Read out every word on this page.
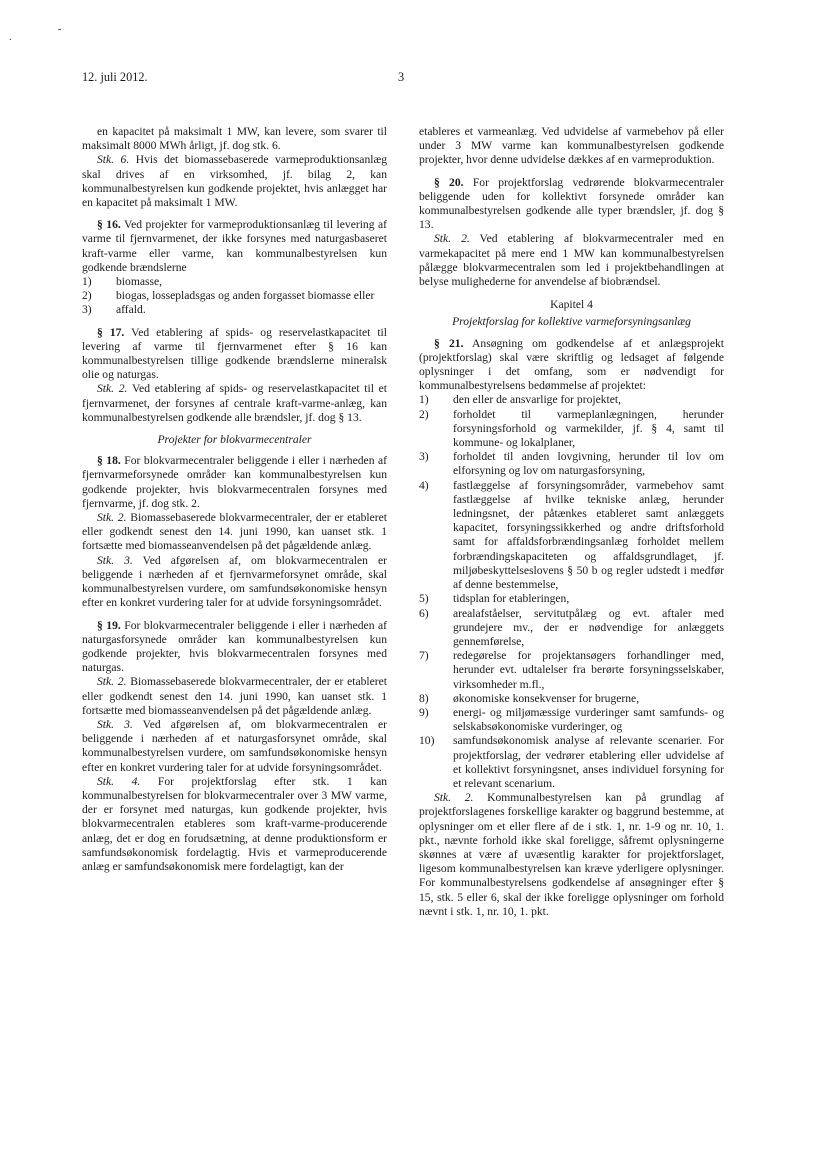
.
-
12. juli 2012.	3

en kapacitet på maksimalt 1 MW, kan levere, som svarer til maksimalt 8000 MWh årligt, jf. dog stk. 6.

Stk. 6. Hvis det biomassebaserede varmeproduktionsanlæg skal drives af en virksomhed, jf. bilag 2, kan kommunalbestyrelsen kun godkende projektet, hvis anlægget har en kapacitet på maksimalt 1 MW.

§ 16. Ved projekter for varmeproduktionsanlæg til levering af varme til fjernvarmenet, der ikke forsynes med naturgasbaseret kraft-varme eller varme, kan kommunalbestyrelsen kun godkende brændslerne

1)	biomasse,
2)	biogas, lossepladsgas og anden forgasset biomasse eller
3)	affald.

§ 17. Ved etablering af spids- og reservelastkapacitet til levering af varme til fjernvarmenet efter § 16 kan kommunalbestyrelsen tillige godkende brændslerne mineralsk olie og naturgas.

Stk. 2. Ved etablering af spids- og reservelastkapacitet til et fjernvarmenet, der forsynes af centrale kraft-varme-anlæg, kan kommunalbestyrelsen godkende alle brændsler, jf. dog § 13.

Projekter for blokvarmecentraler

§ 18. For blokvarmecentraler beliggende i eller i nærheden af fjernvarmeforsynede områder kan kommunalbestyrelsen kun godkende projekter, hvis blokvarmecentralen forsynes med fjernvarme, jf. dog stk. 2.

Stk. 2. Biomassebaserede blokvarmecentraler, der er etableret eller godkendt senest den 14. juni 1990, kan uanset stk. 1 fortsætte med biomasseanvendelsen på det pågældende anlæg.

Stk. 3. Ved afgørelsen af, om blokvarmecentralen er beliggende i nærheden af et fjernvarmeforsynet område, skal kommunalbestyrelsen vurdere, om samfundsøkonomiske hensyn efter en konkret vurdering taler for at udvide forsyningsområdet.

§ 19. For blokvarmecentraler beliggende i eller i nærheden af naturgasforsynede områder kan kommunalbestyrelsen kun godkende projekter, hvis blokvarmecentralen forsynes med naturgas.

Stk. 2. Biomassebaserede blokvarmecentraler, der er etableret eller godkendt senest den 14. juni 1990, kan uanset stk. 1 fortsætte med biomasseanvendelsen på det pågældende anlæg.

Stk. 3. Ved afgørelsen af, om blokvarmecentralen er beliggende i nærheden af et naturgasforsynet område, skal kommunalbestyrelsen vurdere, om samfundsøkonomiske hensyn efter en konkret vurdering taler for at udvide forsyningsområdet.

Stk. 4. For projektforslag efter stk. 1 kan kommunalbestyrelsen for blokvarmecentraler over 3 MW varme, der er forsynet med naturgas, kun godkende projekter, hvis blokvarmecentralen etableres som kraft-varme-producerende anlæg, det er dog en forudsætning, at denne produktionsform er samfundsøkonomisk fordelagtig. Hvis et varmeproducerende anlæg er samfundsøkonomisk mere fordelagtigt, kan der

etableres et varmeanlæg. Ved udvidelse af varmebehov på eller under 3 MW varme kan kommunalbestyrelsen godkende projekter, hvor denne udvidelse dækkes af en varmeproduktion.

§ 20. For projektforslag vedrørende blokvarmecentraler beliggende uden for kollektivt forsynede områder kan kommunalbestyrelsen godkende alle typer brændsler, jf. dog § 13.

Stk. 2. Ved etablering af blokvarmecentraler med en varmekapacitet på mere end 1 MW kan kommunalbestyrelsen pålægge blokvarmecentralen som led i projektbehandlingen at belyse mulighederne for anvendelse af biobrændsel.

Kapitel 4
Projektforslag for kollektive varmeforsyningsanlæg

§ 21. Ansøgning om godkendelse af et anlægsprojekt (projektforslag) skal være skriftlig og ledsaget af følgende oplysninger i det omfang, som er nødvendigt for kommunalbestyrelsens bedømmelse af projektet:

1)	den eller de ansvarlige for projektet,
2)	forholdet til varmeplanlægningen, herunder forsyningsforhold og varmekilder, jf. § 4, samt til kommune- og lokalplaner,
3)	forholdet til anden lovgivning, herunder til lov om elforsyning og lov om naturgasforsyning,
4)	fastlæggelse af forsyningsområder, varmebehov samt fastlæggelse af hvilke tekniske anlæg, herunder ledningsnet, der påtænkes etableret samt anlæggets kapacitet, forsyningssikkerhed og andre driftsforhold samt for affaldsforbrændingsanlæg forholdet mellem forbrændingskapaciteten og affaldsgrundlaget, jf. miljøbeskyttelseslovens § 50 b og regler udstedt i medfør af denne bestemmelse,
5)	tidsplan for etableringen,
6)	arealafståelser, servitutpålæg og evt. aftaler med grundejere mv., der er nødvendige for anlæggets gennemførelse,
7)	redegørelse for projektansøgers forhandlinger med, herunder evt. udtalelser fra berørte forsyningsselskaber, virksomheder m.fl.,
8)	økonomiske konsekvenser for brugerne,
9)	energi- og miljømæssige vurderinger samt samfunds- og selskabsøkonomiske vurderinger, og
10)	samfundsøkonomisk analyse af relevante scenarier. For projektforslag, der vedrører etablering eller udvidelse af et kollektivt forsyningsnet, anses individuel forsyning for et relevant scenarium.

Stk. 2. Kommunalbestyrelsen kan på grundlag af projektforslagenes forskellige karakter og baggrund bestemme, at oplysninger om et eller flere af de i stk. 1, nr. 1-9 og nr. 10, 1. pkt., nævnte forhold ikke skal foreligge, såfremt oplysningerne skønnes at være af uvæsentlig karakter for projektforslaget, ligesom kommunalbestyrelsen kan kræve yderligere oplysninger. For kommunalbestyrelsens godkendelse af ansøgninger efter § 15, stk. 5 eller 6, skal der ikke foreligge oplysninger om forhold nævnt i stk. 1, nr. 10, 1. pkt.
